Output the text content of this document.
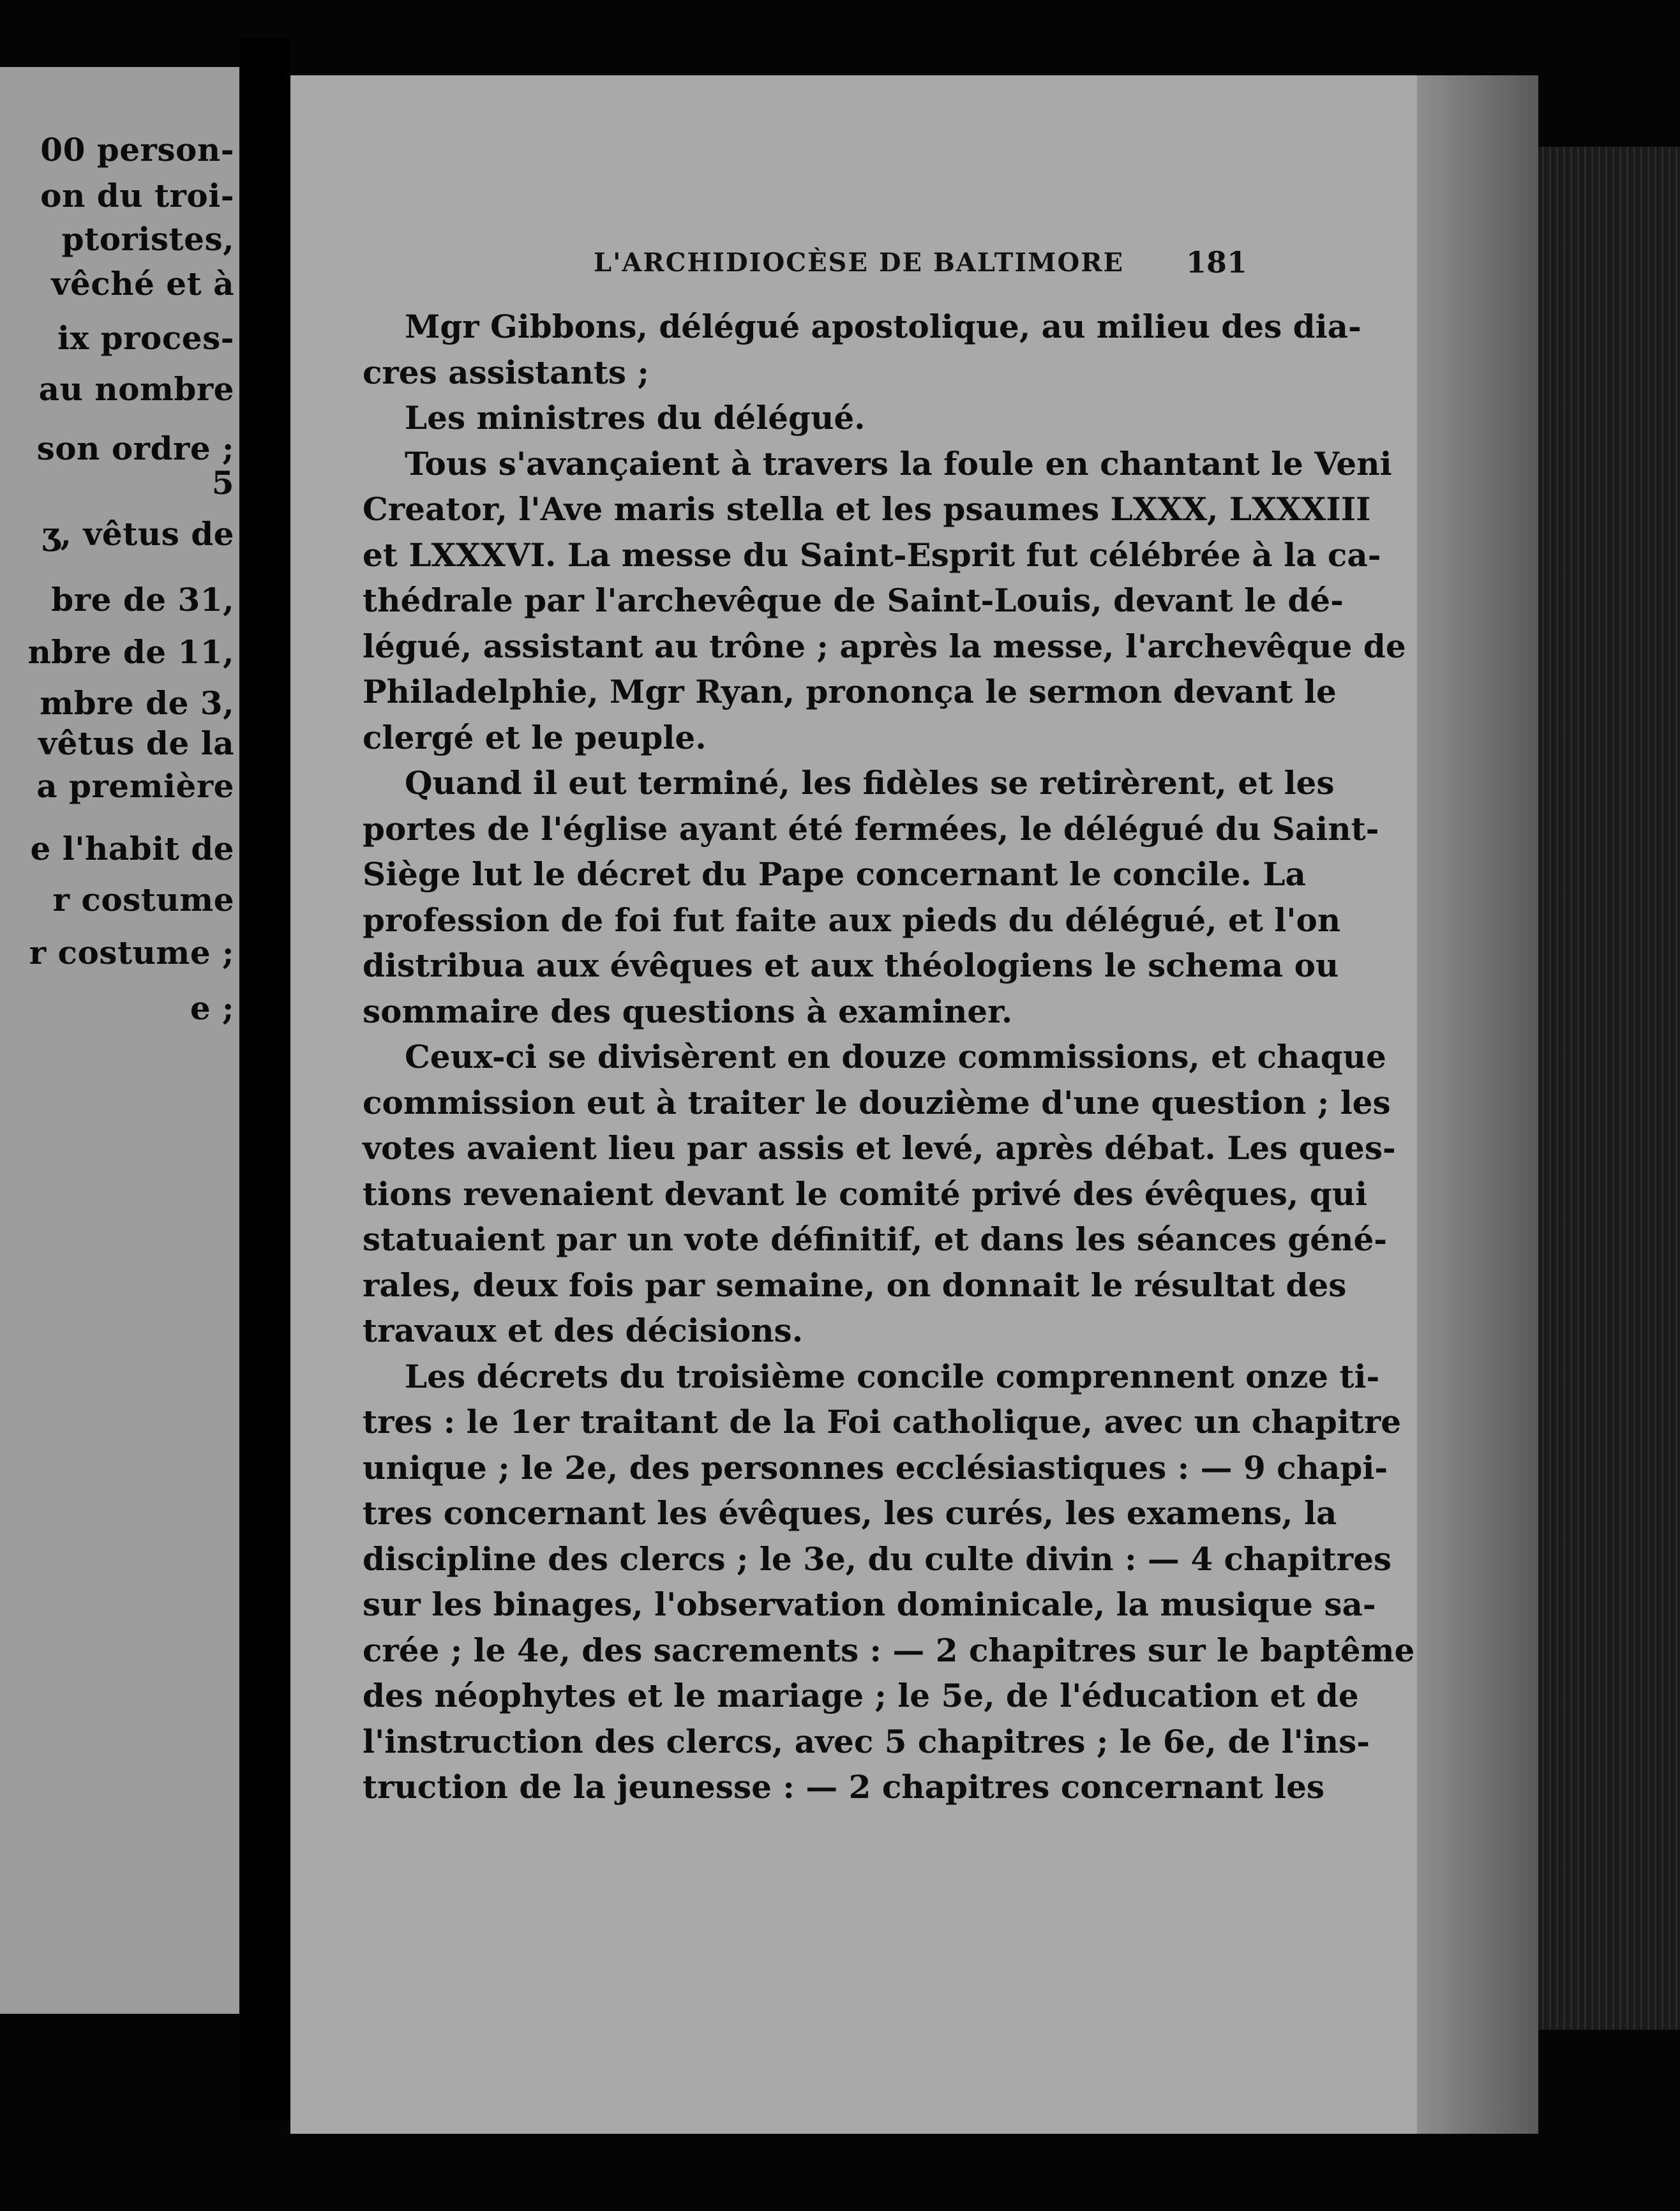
00 person-
on du troi-
ptoristes,
vêché et à
ix proces-
au nombre
son ordre ;
5
ʒ, vêtus de
bre de 31,
nbre de 11,
mbre de 3,
vêtus de la
a première
e l'habit de
r costume
r costume ;
e ;
L'ARCHIDIOCÈSE DE BALTIMORE 181
Mgr Gibbons, délégué apostolique, au milieu des dia-
cres assistants ;
Les ministres du délégué.
Tous s'avançaient à travers la foule en chantant le Veni
Creator, l'Ave maris stella et les psaumes LXXX, LXXXIII
et LXXXVI. La messe du Saint-Esprit fut célébrée à la ca-
thédrale par l'archevêque de Saint-Louis, devant le dé-
légué, assistant au trône ; après la messe, l'archevêque de
Philadelphie, Mgr Ryan, prononça le sermon devant le
clergé et le peuple.
Quand il eut terminé, les fidèles se retirèrent, et les
portes de l'église ayant été fermées, le délégué du Saint-
Siège lut le décret du Pape concernant le concile. La
profession de foi fut faite aux pieds du délégué, et l'on
distribua aux évêques et aux théologiens le schema ou
sommaire des questions à examiner.
Ceux-ci se divisèrent en douze commissions, et chaque
commission eut à traiter le douzième d'une question ; les
votes avaient lieu par assis et levé, après débat. Les ques-
tions revenaient devant le comité privé des évêques, qui
statuaient par un vote définitif, et dans les séances géné-
rales, deux fois par semaine, on donnait le résultat des
travaux et des décisions.
Les décrets du troisième concile comprennent onze ti-
tres : le 1er traitant de la Foi catholique, avec un chapitre
unique ; le 2e, des personnes ecclésiastiques : — 9 chapi-
tres concernant les évêques, les curés, les examens, la
discipline des clercs ; le 3e, du culte divin : — 4 chapitres
sur les binages, l'observation dominicale, la musique sa-
crée ; le 4e, des sacrements : — 2 chapitres sur le baptême
des néophytes et le mariage ; le 5e, de l'éducation et de
l'instruction des clercs, avec 5 chapitres ; le 6e, de l'ins-
truction de la jeunesse : — 2 chapitres concernant les
